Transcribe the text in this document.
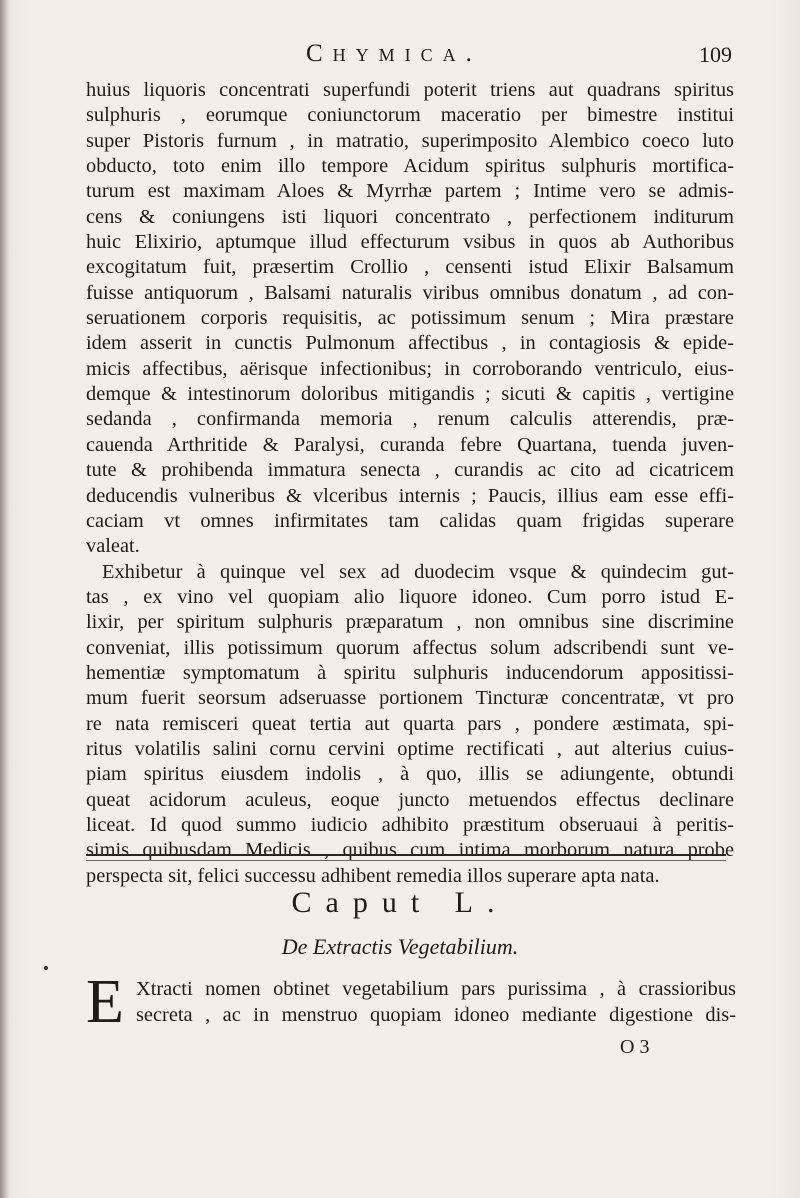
Chymica.	109
huius liquoris concentrati superfundi poterit triens aut quadrans spiritus
sulphuris , eorumque coniunctorum maceratio per bimestre institui
super Pistoris furnum , in matratio, superimposito Alembico coeco luto
obducto, toto enim illo tempore Acidum spiritus sulphuris mortifica-
turum est maximam Aloes & Myrrhæ partem ; Intime vero se admis-
cens & coniungens isti liquori concentrato , perfectionem inditurum
huic Elixirio, aptumque illud effecturum vsibus in quos ab Authoribus
excogitatum fuit, præsertim Crollio , censenti istud Elixir Balsamum
fuisse antiquorum , Balsami naturalis viribus omnibus donatum , ad con-
seruationem corporis requisitis, ac potissimum senum ; Mira præstare
idem asserit in cunctis Pulmonum affectibus , in contagiosis & epide-
micis affectibus, aërisque infectionibus; in corroborando ventriculo, eius-
demque & intestinorum doloribus mitigandis ; sicuti & capitis , vertigine
sedanda , confirmanda memoria , renum calculis atterendis, præ-
cauenda Arthritide & Paralysi, curanda febre Quartana, tuenda juven-
tute & prohibenda immatura senecta , curandis ac cito ad cicatricem
deducendis vulneribus & vlceribus internis ; Paucis, illius eam esse effi-
caciam vt omnes infirmitates tam calidas quam frigidas superare
valeat.
Exhibetur à quinque vel sex ad duodecim vsque & quindecim gut-
tas , ex vino vel quopiam alio liquore idoneo. Cum porro istud E-
lixir, per spiritum sulphuris præparatum , non omnibus sine discrimine
conveniat, illis potissimum quorum affectus solum adscribendi sunt ve-
hementiæ symptomatum à spiritu sulphuris inducendorum appositissi-
mum fuerit seorsum adseruasse portionem Tincturæ concentratæ, vt pro
re nata remisceri queat tertia aut quarta pars , pondere æstimata, spi-
ritus volatilis salini cornu cervini optime rectificati , aut alterius cuius-
piam spiritus eiusdem indolis , à quo, illis se adiungente, obtundi
queat acidorum aculeus, eoque juncto metuendos effectus declinare
liceat. Id quod summo iudicio adhibito præstitum obseruaui à peritis-
simis quibusdam Medicis , quibus cum intima morborum natura probe
perspecta sit, felici successu adhibent remedia illos superare apta nata.
Caput L.
De Extractis Vegetabilium.
E Xtracti nomen obtinet vegetabilium pars purissima , à crassioribus
secreta , ac in menstruo quopiam idoneo mediante digestione dis-
O 3
